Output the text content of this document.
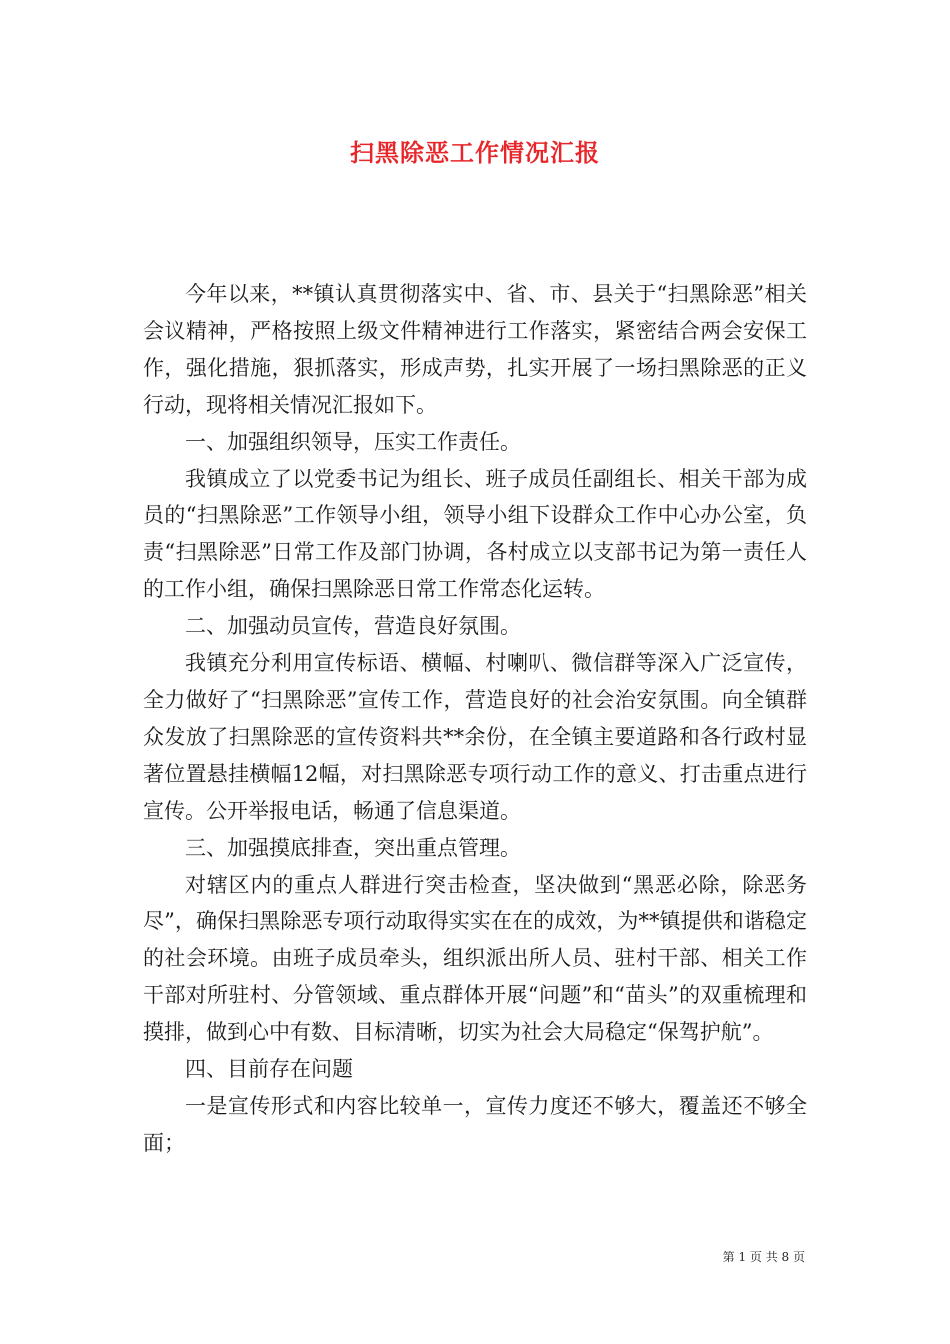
扫黑除恶工作情况汇报

今年以来，**镇认真贯彻落实中、省、市、县关于“扫黑除恶”相关会议精神，严格按照上级文件精神进行工作落实，紧密结合两会安保工作，强化措施，狠抓落实，形成声势，扎实开展了一场扫黑除恶的正义行动，现将相关情况汇报如下。

一、加强组织领导，压实工作责任。

我镇成立了以党委书记为组长、班子成员任副组长、相关干部为成员的“扫黑除恶”工作领导小组，领导小组下设群众工作中心办公室，负责“扫黑除恶”日常工作及部门协调，各村成立以支部书记为第一责任人的工作小组，确保扫黑除恶日常工作常态化运转。

二、加强动员宣传，营造良好氛围。

我镇充分利用宣传标语、横幅、村喇叭、微信群等深入广泛宣传，全力做好了“扫黑除恶”宣传工作，营造良好的社会治安氛围。向全镇群众发放了扫黑除恶的宣传资料共**余份，在全镇主要道路和各行政村显著位置悬挂横幅12幅，对扫黑除恶专项行动工作的意义、打击重点进行宣传。公开举报电话，畅通了信息渠道。

三、加强摸底排查，突出重点管理。

对辖区内的重点人群进行突击检查，坚决做到“黑恶必除，除恶务尽”，确保扫黑除恶专项行动取得实实在在的成效，为**镇提供和谐稳定的社会环境。由班子成员牵头，组织派出所人员、驻村干部、相关工作干部对所驻村、分管领域、重点群体开展“问题”和“苗头”的双重梳理和摸排，做到心中有数、目标清晰，切实为社会大局稳定“保驾护航”。

四、目前存在问题

一是宣传形式和内容比较单一，宣传力度还不够大，覆盖还不够全面；

第 1 页 共 8 页
